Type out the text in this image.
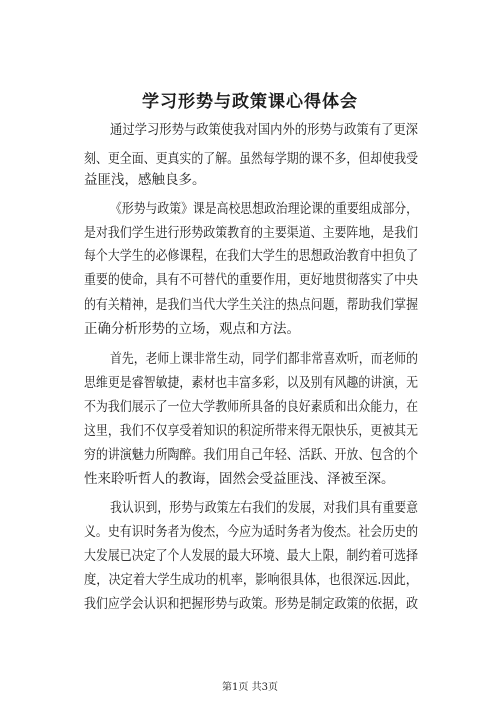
学习形势与政策课心得体会
通过学习形势与政策使我对国内外的形势与政策有了更深
刻、更全面、更真实的了解。虽然每学期的课不多，但却使我受
益匪浅，感触良多。
《形势与政策》课是高校思想政治理论课的重要组成部分，
是对我们学生进行形势政策教育的主要渠道、主要阵地，是我们
每个大学生的必修课程，在我们大学生的思想政治教育中担负了
重要的使命，具有不可替代的重要作用，更好地贯彻落实了中央
的有关精神，是我们当代大学生关注的热点问题，帮助我们掌握
正确分析形势的立场，观点和方法。
首先，老师上课非常生动，同学们都非常喜欢听，而老师的
思维更是睿智敏捷，素材也丰富多彩，以及别有风趣的讲演，无
不为我们展示了一位大学教师所具备的良好素质和出众能力，在
这里，我们不仅享受着知识的积淀所带来得无限快乐，更被其无
穷的讲演魅力所陶醉。我们用自己年轻、活跃、开放、包含的个
性来聆听哲人的教诲，固然会受益匪浅、泽被至深。
我认识到，形势与政策左右我们的发展，对我们具有重要意
义。史有识时务者为俊杰，今应为适时务者为俊杰。社会历史的
大发展已决定了个人发展的最大环境、最大上限，制约着可选择
度，决定着大学生成功的机率，影响很具体，也很深远.因此，
我们应学会认识和把握形势与政策。形势是制定政策的依据，政
第1页 共3页
